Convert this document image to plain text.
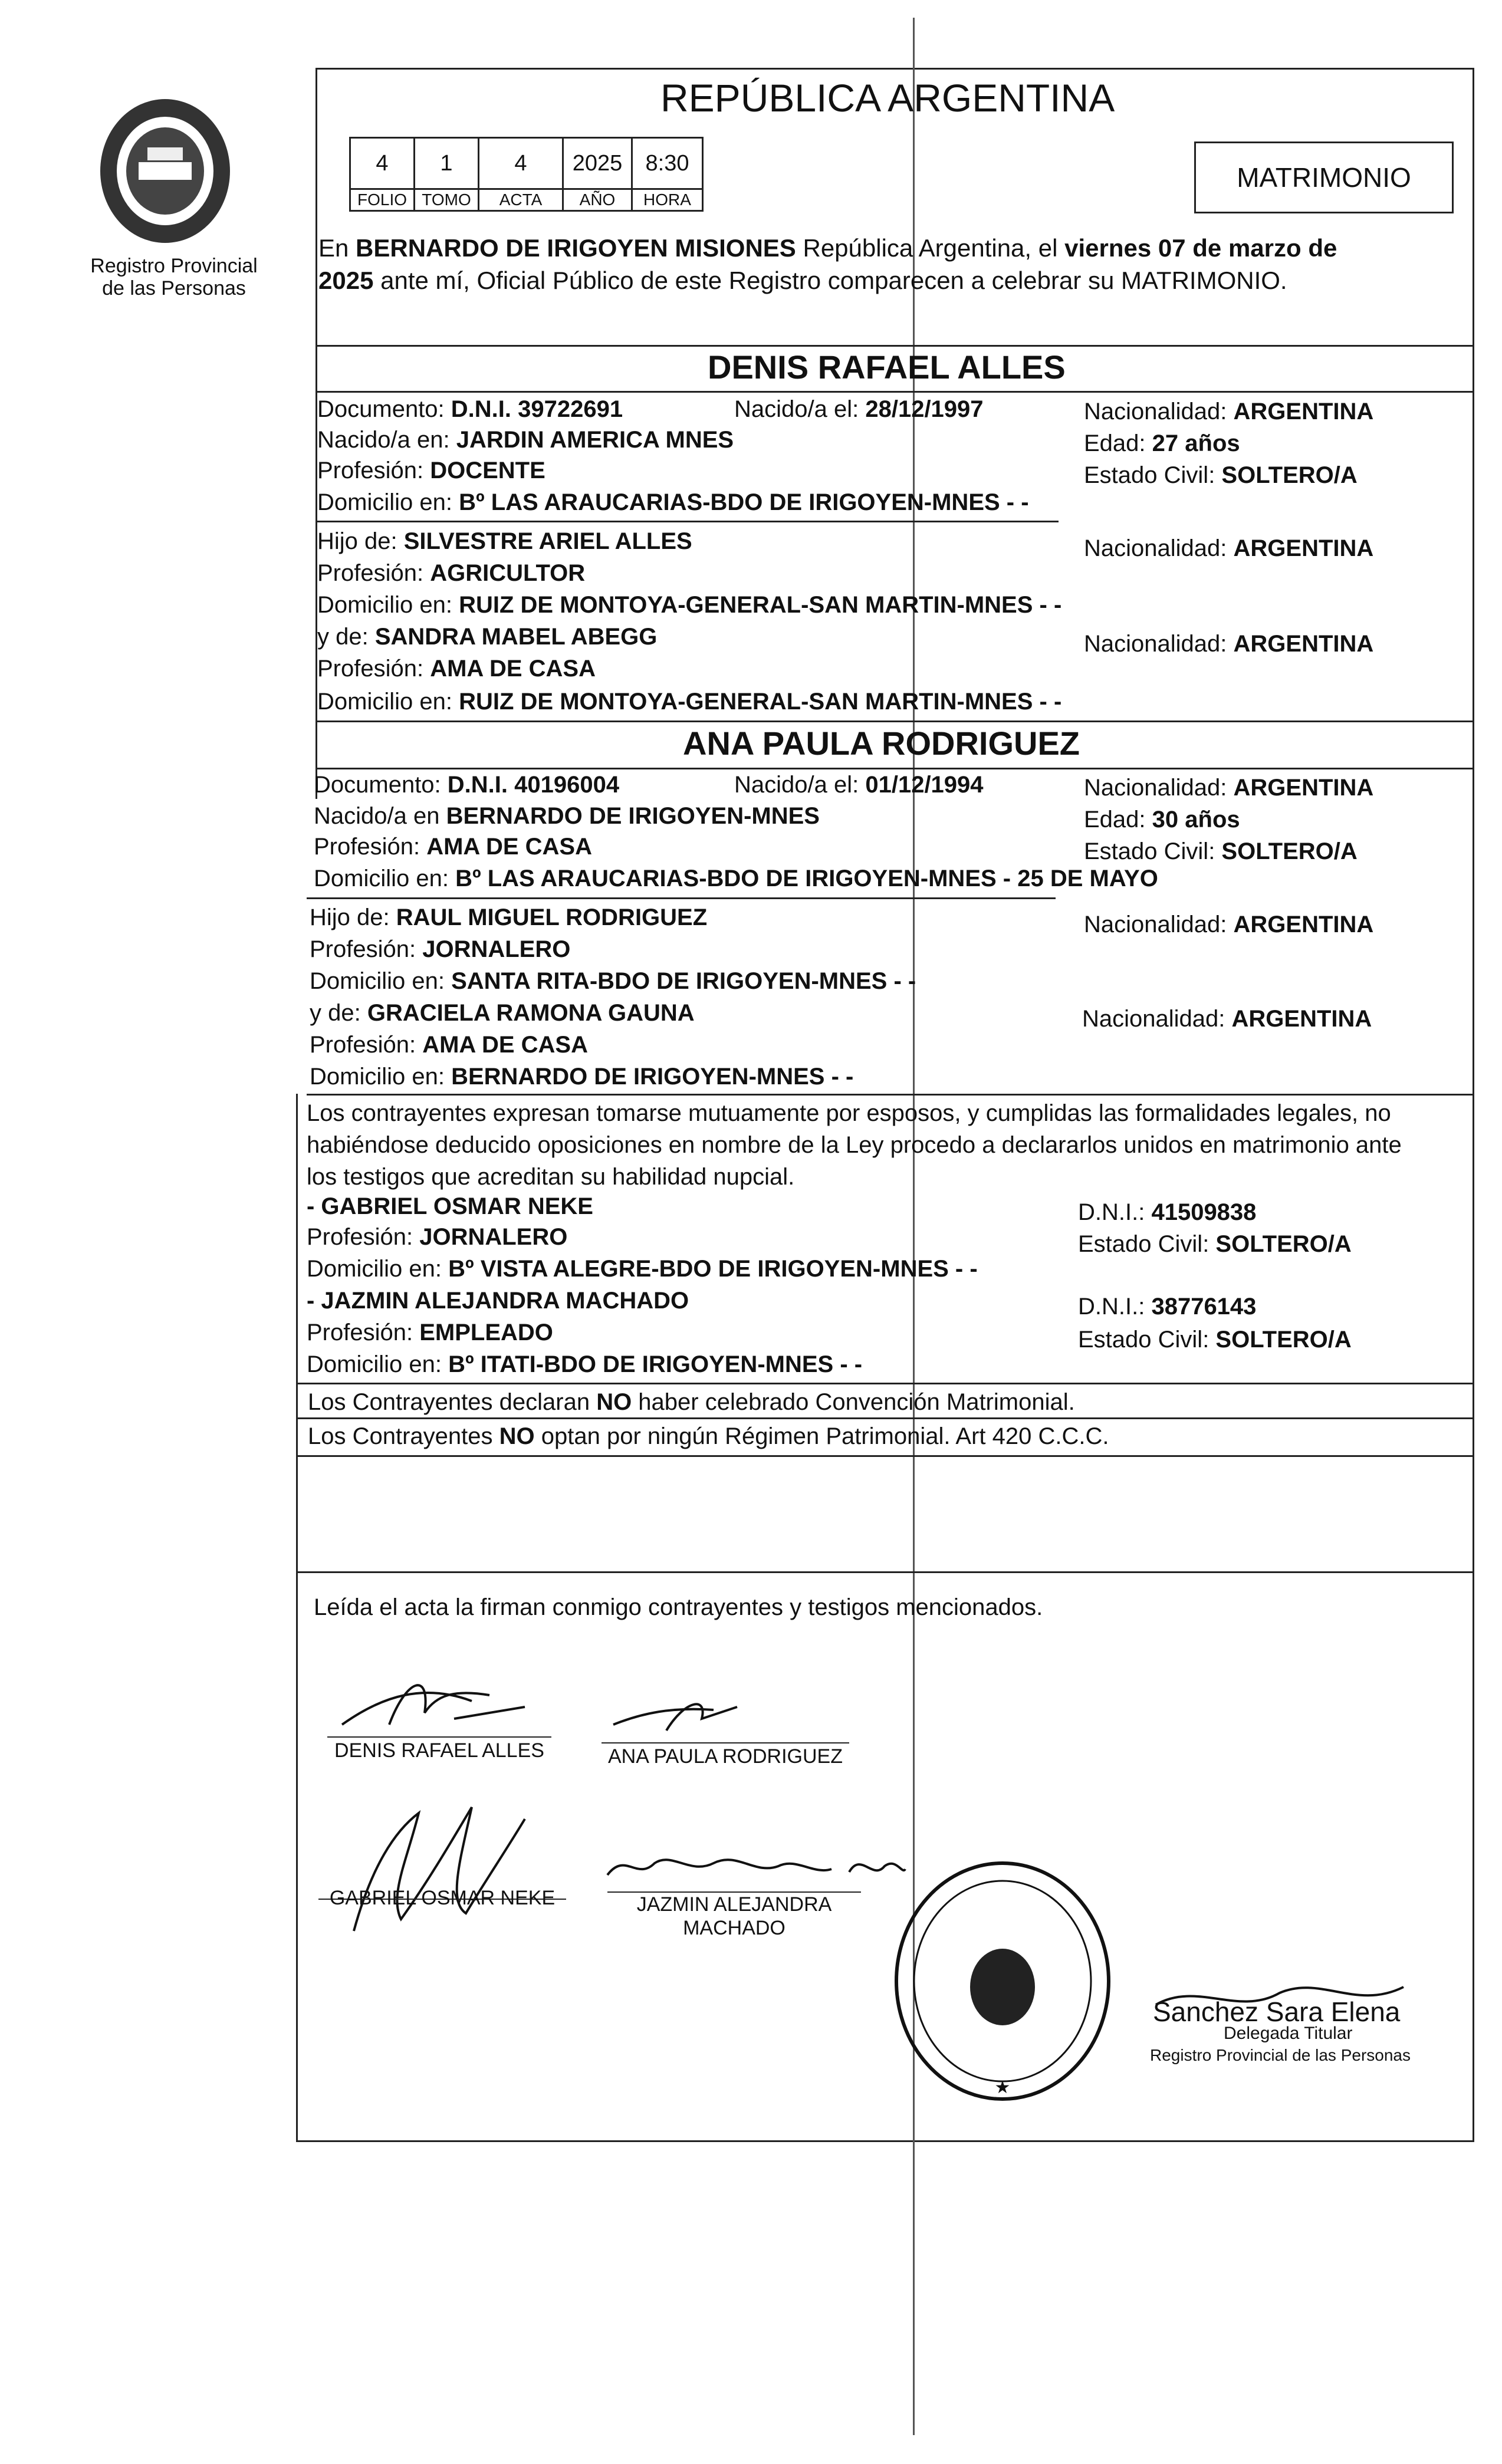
Registro Provincial
de las Personas
REPÚBLICA ARGENTINA
4	1	4	2025	8:30
FOLIO TOMO	ACTA	AÑO	HORA
MATRIMONIO
En BERNARDO DE IRIGOYEN MISIONES República Argentina, el viernes 07 de marzo de
2025 ante mí, Oficial Público de este Registro comparecen a celebrar su MATRIMONIO.
DENIS RAFAEL ALLES
Documento: D.N.I. 39722691	Nacido/a el: 28/12/1997	Nacionalidad: ARGENTINA
Nacido/a en: JARDIN AMERICA MNES	Edad: 27 años
Profesión: DOCENTE	Estado Civil: SOLTERO/A
Domicilio en: Bº LAS ARAUCARIAS-BDO DE IRIGOYEN-MNES - -
Hijo de: SILVESTRE ARIEL ALLES	Nacionalidad: ARGENTINA
Profesión: AGRICULTOR
Domicilio en: RUIZ DE MONTOYA-GENERAL-SAN MARTIN-MNES - -
y de: SANDRA MABEL ABEGG	Nacionalidad: ARGENTINA
Profesión: AMA DE CASA
Domicilio en: RUIZ DE MONTOYA-GENERAL-SAN MARTIN-MNES - -
ANA PAULA RODRIGUEZ
Documento: D.N.I. 40196004	Nacido/a el: 01/12/1994	Nacionalidad: ARGENTINA
Nacido/a en BERNARDO DE IRIGOYEN-MNES	Edad: 30 años
Profesión: AMA DE CASA	Estado Civil: SOLTERO/A
Domicilio en: Bº LAS ARAUCARIAS-BDO DE IRIGOYEN-MNES - 25 DE MAYO
Hijo de: RAUL MIGUEL RODRIGUEZ	Nacionalidad: ARGENTINA
Profesión: JORNALERO
Domicilio en: SANTA RITA-BDO DE IRIGOYEN-MNES - -
y de: GRACIELA RAMONA GAUNA	Nacionalidad: ARGENTINA
Profesión: AMA DE CASA
Domicilio en: BERNARDO DE IRIGOYEN-MNES - -
Los contrayentes expresan tomarse mutuamente por esposos, y cumplidas las formalidades legales, no
habiéndose deducido oposiciones en nombre de la Ley procedo a declararlos unidos en matrimonio ante
los testigos que acreditan su habilidad nupcial.
- GABRIEL OSMAR NEKE	D.N.I.: 41509838
Profesión: JORNALERO	Estado Civil: SOLTERO/A
Domicilio en: Bº VISTA ALEGRE-BDO DE IRIGOYEN-MNES - -
- JAZMIN ALEJANDRA MACHADO	D.N.I.: 38776143
Profesión: EMPLEADO	Estado Civil: SOLTERO/A
Domicilio en: Bº ITATI-BDO DE IRIGOYEN-MNES - -
Los Contrayentes declaran NO haber celebrado Convención Matrimonial.
Los Contrayentes NO optan por ningún Régimen Patrimonial. Art 420 C.C.C.
Leída el acta la firman conmigo contrayentes y testigos mencionados.
DENIS RAFAEL ALLES	ANA PAULA RODRIGUEZ
GABRIEL OSMAR NEKE	JAZMIN ALEJANDRA
MACHADO
★
Sanchez Sara Elena
Delegada Titular
Registro Provincial de las Personas
